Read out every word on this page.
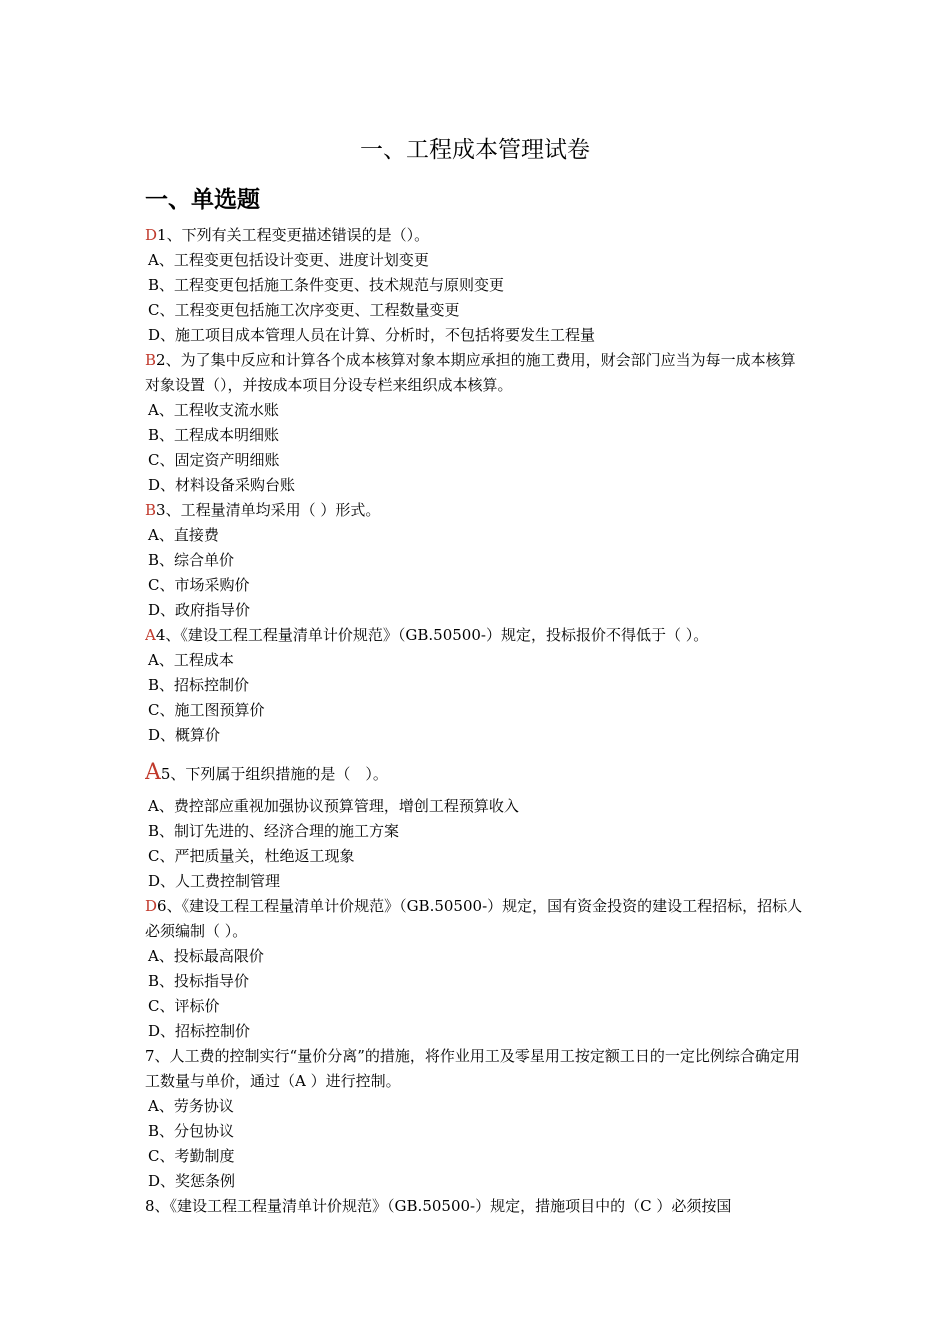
一、工程成本管理试卷
一、单选题
D1、下列有关工程变更描述错误的是（）。
A、工程变更包括设计变更、进度计划变更
B、工程变更包括施工条件变更、技术规范与原则变更
C、工程变更包括施工次序变更、工程数量变更
D、施工项目成本管理人员在计算、分析时，不包括将要发生工程量
B2、为了集中反应和计算各个成本核算对象本期应承担的施工费用，财会部门应当为每一成本核算对象设置（），并按成本项目分设专栏来组织成本核算。
A、工程收支流水账
B、工程成本明细账
C、固定资产明细账
D、材料设备采购台账
B3、工程量清单均采用（ ）形式。
A、直接费
B、综合单价
C、市场采购价
D、政府指导价
A4、《建设工程工程量清单计价规范》（GB.50500-）规定，投标报价不得低于（ ）。
A、工程成本
B、招标控制价
C、施工图预算价
D、概算价
A5、下列属于组织措施的是（　）。
A、费控部应重视加强协议预算管理，增创工程预算收入
B、制订先进的、经济合理的施工方案
C、严把质量关，杜绝返工现象
D、人工费控制管理
D6、《建设工程工程量清单计价规范》（GB.50500-）规定，国有资金投资的建设工程招标，招标人必须编制（ ）。
A、投标最高限价
B、投标指导价
C、评标价
D、招标控制价
7、人工费的控制实行“量价分离”的措施，将作业用工及零星用工按定额工日的一定比例综合确定用工数量与单价，通过（A ）进行控制。
A、劳务协议
B、分包协议
C、考勤制度
D、奖惩条例
8、《建设工程工程量清单计价规范》（GB.50500-）规定，措施项目中的（C ）必须按国
